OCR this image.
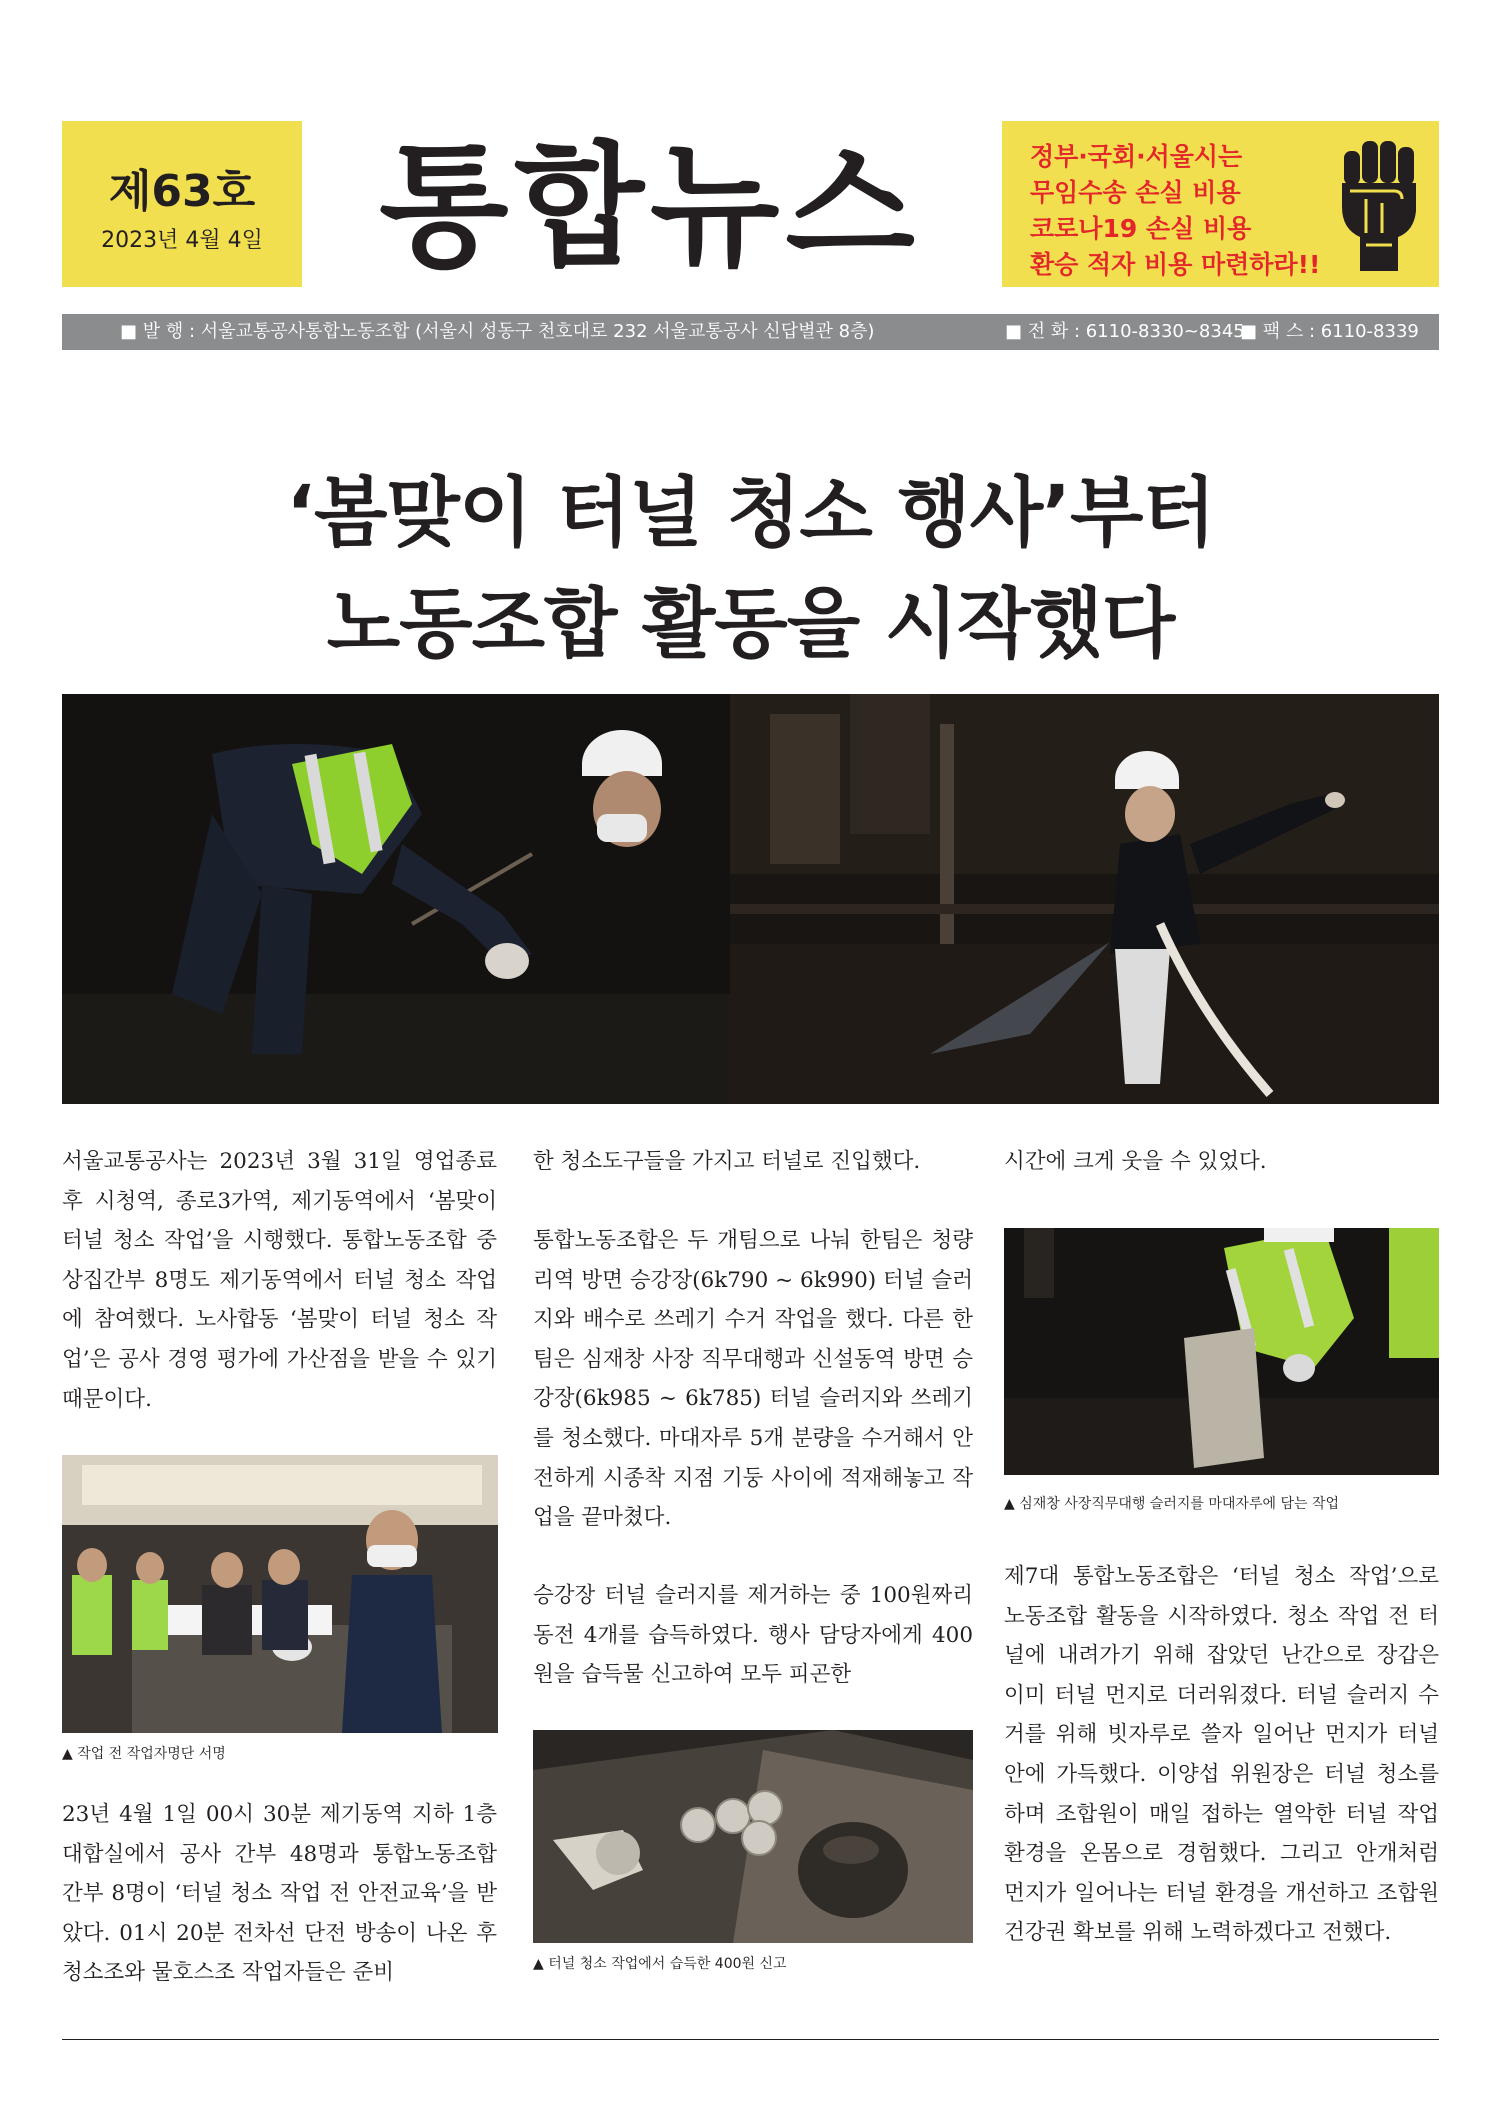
제63호
2023년 4월 4일 통합뉴스	정부·국회·서울시는
무임수송 손실 비용
코로나19 손실 비용
환승 적자 비용 마련하라!!
■ 발 행 : 서울교통공사통합노동조합 (서울시 성동구 천호대로 232 서울교통공사 신답별관 8층)	■ 전 화 : 6110-8330~8345
■ 팩 스 : 6110-8339
‘봄맞이 터널 청소 행사’부터
노동조합 활동을 시작했다
서울교통공사는 2023년 3월 31일 영업종료 후 시청역, 종로3가역, 제기동역에서 ‘봄맞이 터널 청소 작업’을 시행했다. 통합노동조합 중상집간부 8명도 제기동역에서 터널 청소 작업에 참여했다. 노사합동 ‘봄맞이 터널 청소 작업’은 공사 경영 평가에 가산점을 받을 수 있기 때문이다.
▲ 작업 전 작업자명단 서명
23년 4월 1일 00시 30분 제기동역 지하 1층 대합실에서 공사 간부 48명과 통합노동조합 간부 8명이 ‘터널 청소 작업 전 안전교육’을 받았다. 01시 20분 전차선 단전 방송이 나온 후 청소조와 물호스조 작업자들은 준비
한 청소도구들을 가지고 터널로 진입했다.
통합노동조합은 두 개팀으로 나눠 한팀은 청량리역 방면 승강장(6k790 ~ 6k990) 터널 슬러지와 배수로 쓰레기 수거 작업을 했다. 다른 한팀은 심재창 사장 직무대행과 신설동역 방면 승강장(6k985 ~ 6k785) 터널 슬러지와 쓰레기를 청소했다. 마대자루 5개 분량을 수거해서 안전하게 시종착 지점 기둥 사이에 적재해놓고 작업을 끝마쳤다.
승강장 터널 슬러지를 제거하는 중 100원짜리 동전 4개를 습득하였다. 행사 담당자에게 400원을 습득물 신고하여 모두 피곤한
▲ 터널 청소 작업에서 습득한 400원 신고
시간에 크게 웃을 수 있었다.
▲ 심재창 사장직무대행 슬러지를 마대자루에 담는 작업
제7대 통합노동조합은 ‘터널 청소 작업’으로 노동조합 활동을 시작하였다. 청소 작업 전 터널에 내려가기 위해 잡았던 난간으로 장갑은 이미 터널 먼지로 더러워졌다. 터널 슬러지 수거를 위해 빗자루로 쓸자 일어난 먼지가 터널 안에 가득했다. 이양섭 위원장은 터널 청소를 하며 조합원이 매일 접하는 열악한 터널 작업 환경을 온몸으로 경험했다. 그리고 안개처럼 먼지가 일어나는 터널 환경을 개선하고 조합원 건강권 확보를 위해 노력하겠다고 전했다.
